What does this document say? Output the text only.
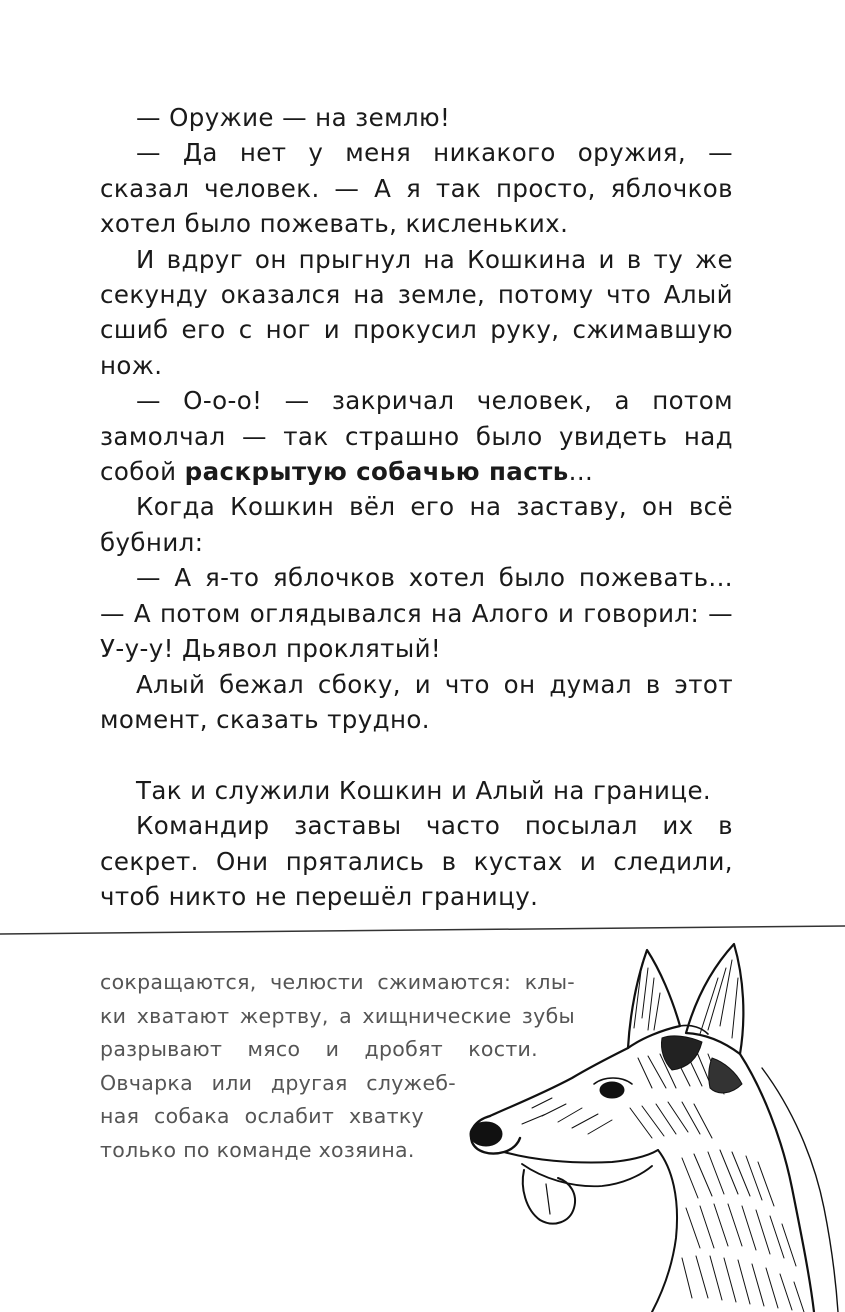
— Оружие — на землю!

— Да нет у меня никакого оружия, — сказал человек. — А я так просто, яблочков хотел было пожевать, кисленьких.

И вдруг он прыгнул на Кошкина и в ту же секунду оказался на земле, потому что Алый сшиб его с ног и прокусил руку, сжимавшую нож.

— О-о-о! — закричал человек, а потом замолчал — так страшно было увидеть над собой раскрытую собачью пасть...

Когда Кошкин вёл его на заставу, он всё бубнил:

— А я-то яблочков хотел было пожевать... — А потом оглядывался на Алого и говорил: — У-у-у! Дьявол проклятый!

Алый бежал сбоку, и что он думал в этот момент, сказать трудно.

Так и служили Кошкин и Алый на границе.

Командир заставы часто посылал их в секрет. Они прятались в кустах и следили, чтоб никто не перешёл границу.

сокращаются, челюсти сжимаются: клы-
ки хватают жертву, а хищнические зубы
разрывают мясо и дробят кости.
Овчарка или другая служеб-
ная собака ослабит хватку
только по команде хозяина.
